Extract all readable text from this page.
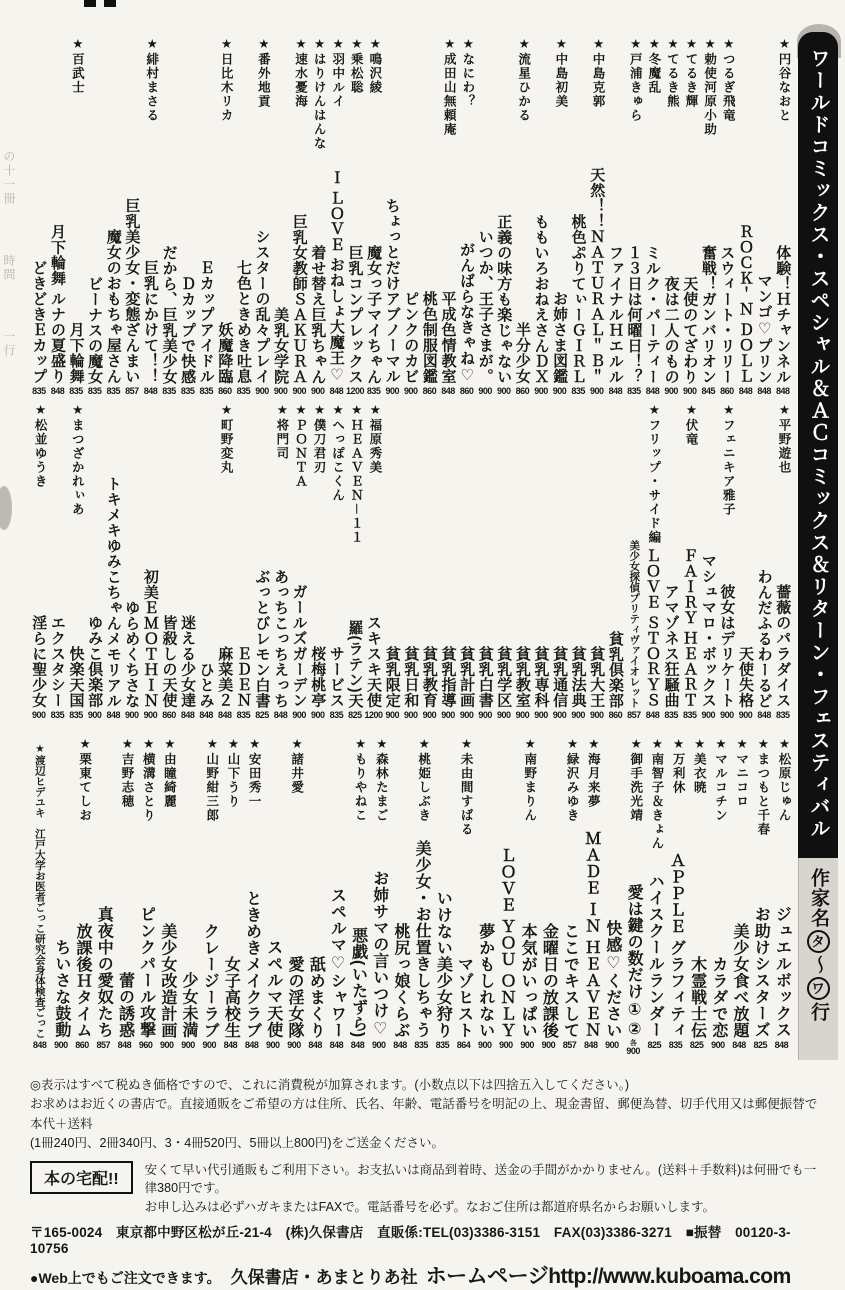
の十一冊
時間
一行
★円谷なおと
体験！Ｈチャンネル
848
マンゴ♡プリン
848
ＲＯＣＫ＇Ｎ ＤＯＬＬ
848
★つるぎ飛竜
スウィート・リリー
860
★勅使河原小助
奮戦！ガンバリオン
845
★てるき輝
天使のてざわり
900
★てるき熊
夜は二人のもの
900
★冬魔乱
ミルク・パーティー
848
★戸浦きゅら
１３日は何曜日！？
835
ファイナルＨエルル
848
★中島克郭
天然！！ＮＡＴＵＲＡＬ＂Ｂ＂
900
桃色ぷりてぃーＧＩＲＬ
835
★中島初美
お姉さま図鑑
900
ももいろおねえさんＤＸ
900
★流星ひかる
半分少女
860
正義の味方も楽じゃない
900
いつか、王子さまが。
900
★なにわ？
がんばらなきゃね♡
860
★成田山無頼庵
平成色情教室
848
桃色制服図鑑
860
ピンクのカビ
900
ちょっとだけアブノーマル
900
★鳴沢綾
魔女っ子マイちゃん
835
★乗松聡
巨乳コンプレックス
1200
★羽中ルイ
Ｉ ＬＯＶＥ おねしょ大魔王♡
848
★はりけんはんな
着せ替え巨乳ちゃん
900
★速水憂海
巨乳女教師ＳＡＫＵＲＡ
900
美乳女学院
900
★番外地貢
シスターの乱々プレイ
900
七色ときめき吐息
835
★日比木リカ
妖魔降臨
860
Ｅカップアイドル
835
Ｄカップで快感
835
だから、巨乳美少女
835
★緋村まさる
巨乳にかけて！！
848
巨乳美少女・変態ざんまい
857
魔女のおもちゃ屋さん
835
ビーナスの魔女
835
★百武士
月下輪舞
835
月下輪舞 ルナの夏盛り
848
どきどきＥカップ
835
★平野遊也
薔薇のパラダイス
835
わんだふるわーるど
848
天使失格
900
★フェニキア雅子
彼女はデリケート
900
マシュマロ・ボックス
900
★伏竜
ＦＡＩＲＹ ＨＥＡＲＴ
835
アマゾネス狂騒曲
835
★フリップ・サイド編
ＬＯＶＥ ＳＴＯＲＹＳ
848
美少女探偵プリティヴァイオレット
857
貧乳倶楽部
860
貧乳大王
900
貧乳法典
900
貧乳通信
900
貧乳専科
900
貧乳教室
900
貧乳学区
900
貧乳白書
900
貧乳計画
900
貧乳指導
900
貧乳教育
900
貧乳日和
900
貧乳限定
900
★福原秀美
スキスキ天使
1200
★ＨＥＡＶＥＮ－１１
羅(ラテン)天
825
★へっぽこくん
サービス
835
★僕刀君刃
桜梅桃亭
900
★ＰＯＮＴＡ
ガールズガーデン
900
★将門司
あっちこっちえっち
848
ぶっとびレモン白書
825
ＥＤＥＮ
835
★町野変丸
麻菜美２
848
ひとみ
848
迷える少女達
848
皆殺しの天使
860
初美ＥＭＯＴＨＩＮ
900
ゆらめくちさな
900
トキメキゆみこちゃんメモリアル
848
ゆみこ倶楽部
900
★まつざかれぃあ
快楽天国
835
エクスタシー
835
★松並ゆうき
淫らに聖少女
900
★松原じゅん
ジュエルボックス
848
★まつもと千春
お助けシスターズ
825
★マニコロ
美少女食べ放題
848
★マルコチン
カラダで恋
900
★美衣暁
木霊戦士伝
825
★万利休
ＡＰＰＬＥ グラフィティ
835
★南智子＆きょん
ハイスクールランダー
825
★御手洗光靖
愛は鍵の数だけ①②
各
900
快感♡ください
900
★海月来夢
ＭＡＤＥ ＩＮ ＨＥＡＶＥＮ
848
★緑沢みゆき
ここでキスして
857
金曜日の放課後
900
★南野まりん
本気がいっぱい
900
ＬＯＶＥ ＹＯＵ ＯＮＬＹ
900
夢かもしれない
900
★未由間すばる
マゾヒスト
864
いけない美少女狩り
835
★桃姫しぶき
美少女・お仕置きしちゃう
835
桃尻っ娘くらぶ
848
★森林たまご
お姉サマの言いつけ♡
900
★もりやねこ
悪戯(いたずら)
848
スペルマ♡シャワー
848
舐めまくり
848
★諸井愛
愛の淫女隊
900
スペルマ天使
900
★安田秀一
ときめきメイクラブ
848
★山下うり
女子高校生
848
★山野紺三郎
クレージーラブ
900
少女未満
900
★由瞳綺麗
美少女改造計画
900
★横溝さとり
ピンクパール攻撃
960
★吉野志穂
蕾の誘惑
848
真夜中の愛奴たち
857
★栗東てしお
放課後Ｈタイム
860
ちいさな鼓動
900
★渡辺ヒデユキ　江戸大学お医者ごっこ研究会身体検査ごっこ
848
ワールドコミックス・スペシャル＆ＡＣコミックス＆リターン・フェスティバル
作家名タ〜ワ行
◎表示はすべて税ぬき価格ですので、これに消費税が加算されます。(小数点以下は四捨五入してください。)
お求めはお近くの書店で。直接通販をご希望の方は住所、氏名、年齢、電話番号を明記の上、現金書留、郵便為替、切手代用又は郵便振替で本代＋送料
(1冊240円、2冊340円、3・4冊520円、5冊以上800円)をご送金ください。
本の宅配!!
安くて早い代引通販もご利用下さい。お支払いは商品到着時、送金の手間がかかりません。(送料＋手数料)は何冊でも一律380円です。
お申し込みは必ずハガキまたはFAXで。電話番号を必ず。なおご住所は都道府県名からお願いします。
〒165-0024　東京都中野区松が丘-21-4　(株)久保書店　直販係:TEL(03)3386-3151　FAX(03)3386-3271　■振替　00120-3-10756
●Web上でもご注文できます。 久保書店・あまとりあ社 ホームページhttp://www.kuboama.com
